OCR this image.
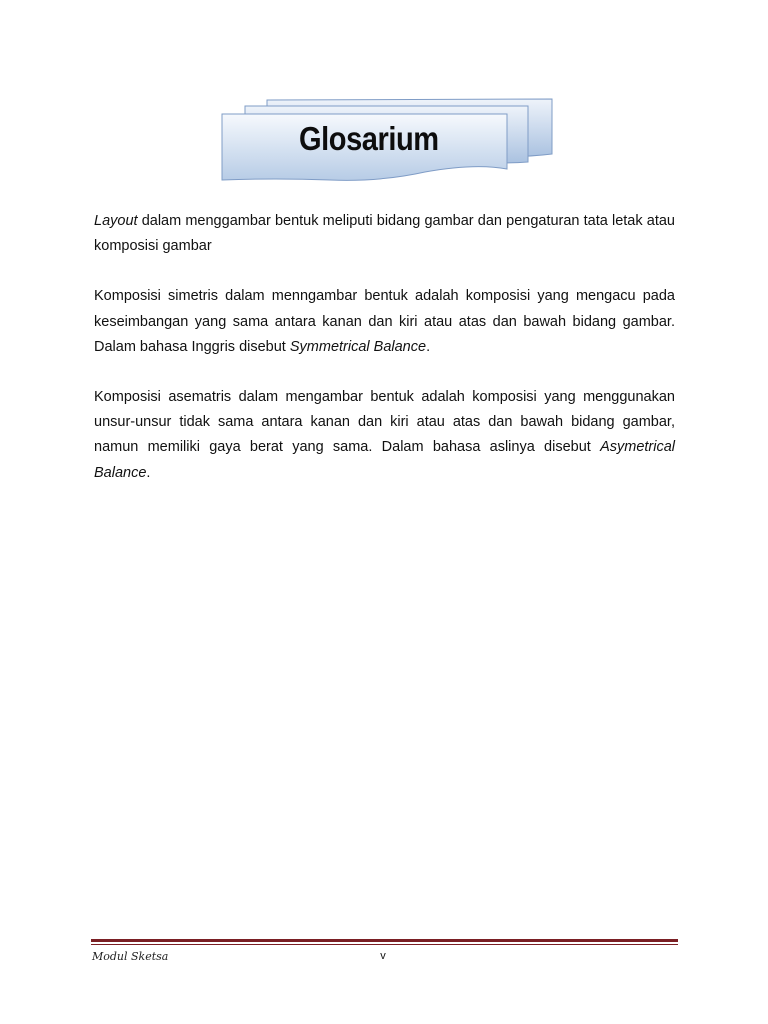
Glosarium

Layout dalam menggambar bentuk meliputi bidang gambar dan pengaturan tata letak atau komposisi gambar

Komposisi simetris dalam menngambar bentuk adalah komposisi yang mengacu pada keseimbangan yang sama antara kanan dan kiri atau atas dan bawah bidang gambar. Dalam bahasa Inggris disebut Symmetrical Balance.

Komposisi asematris dalam mengambar bentuk adalah komposisi yang menggunakan unsur-unsur tidak sama antara kanan dan kiri atau atas dan bawah bidang gambar, namun memiliki gaya berat yang sama. Dalam bahasa aslinya disebut Asymetrical Balance.

Modul Sketsa	v
